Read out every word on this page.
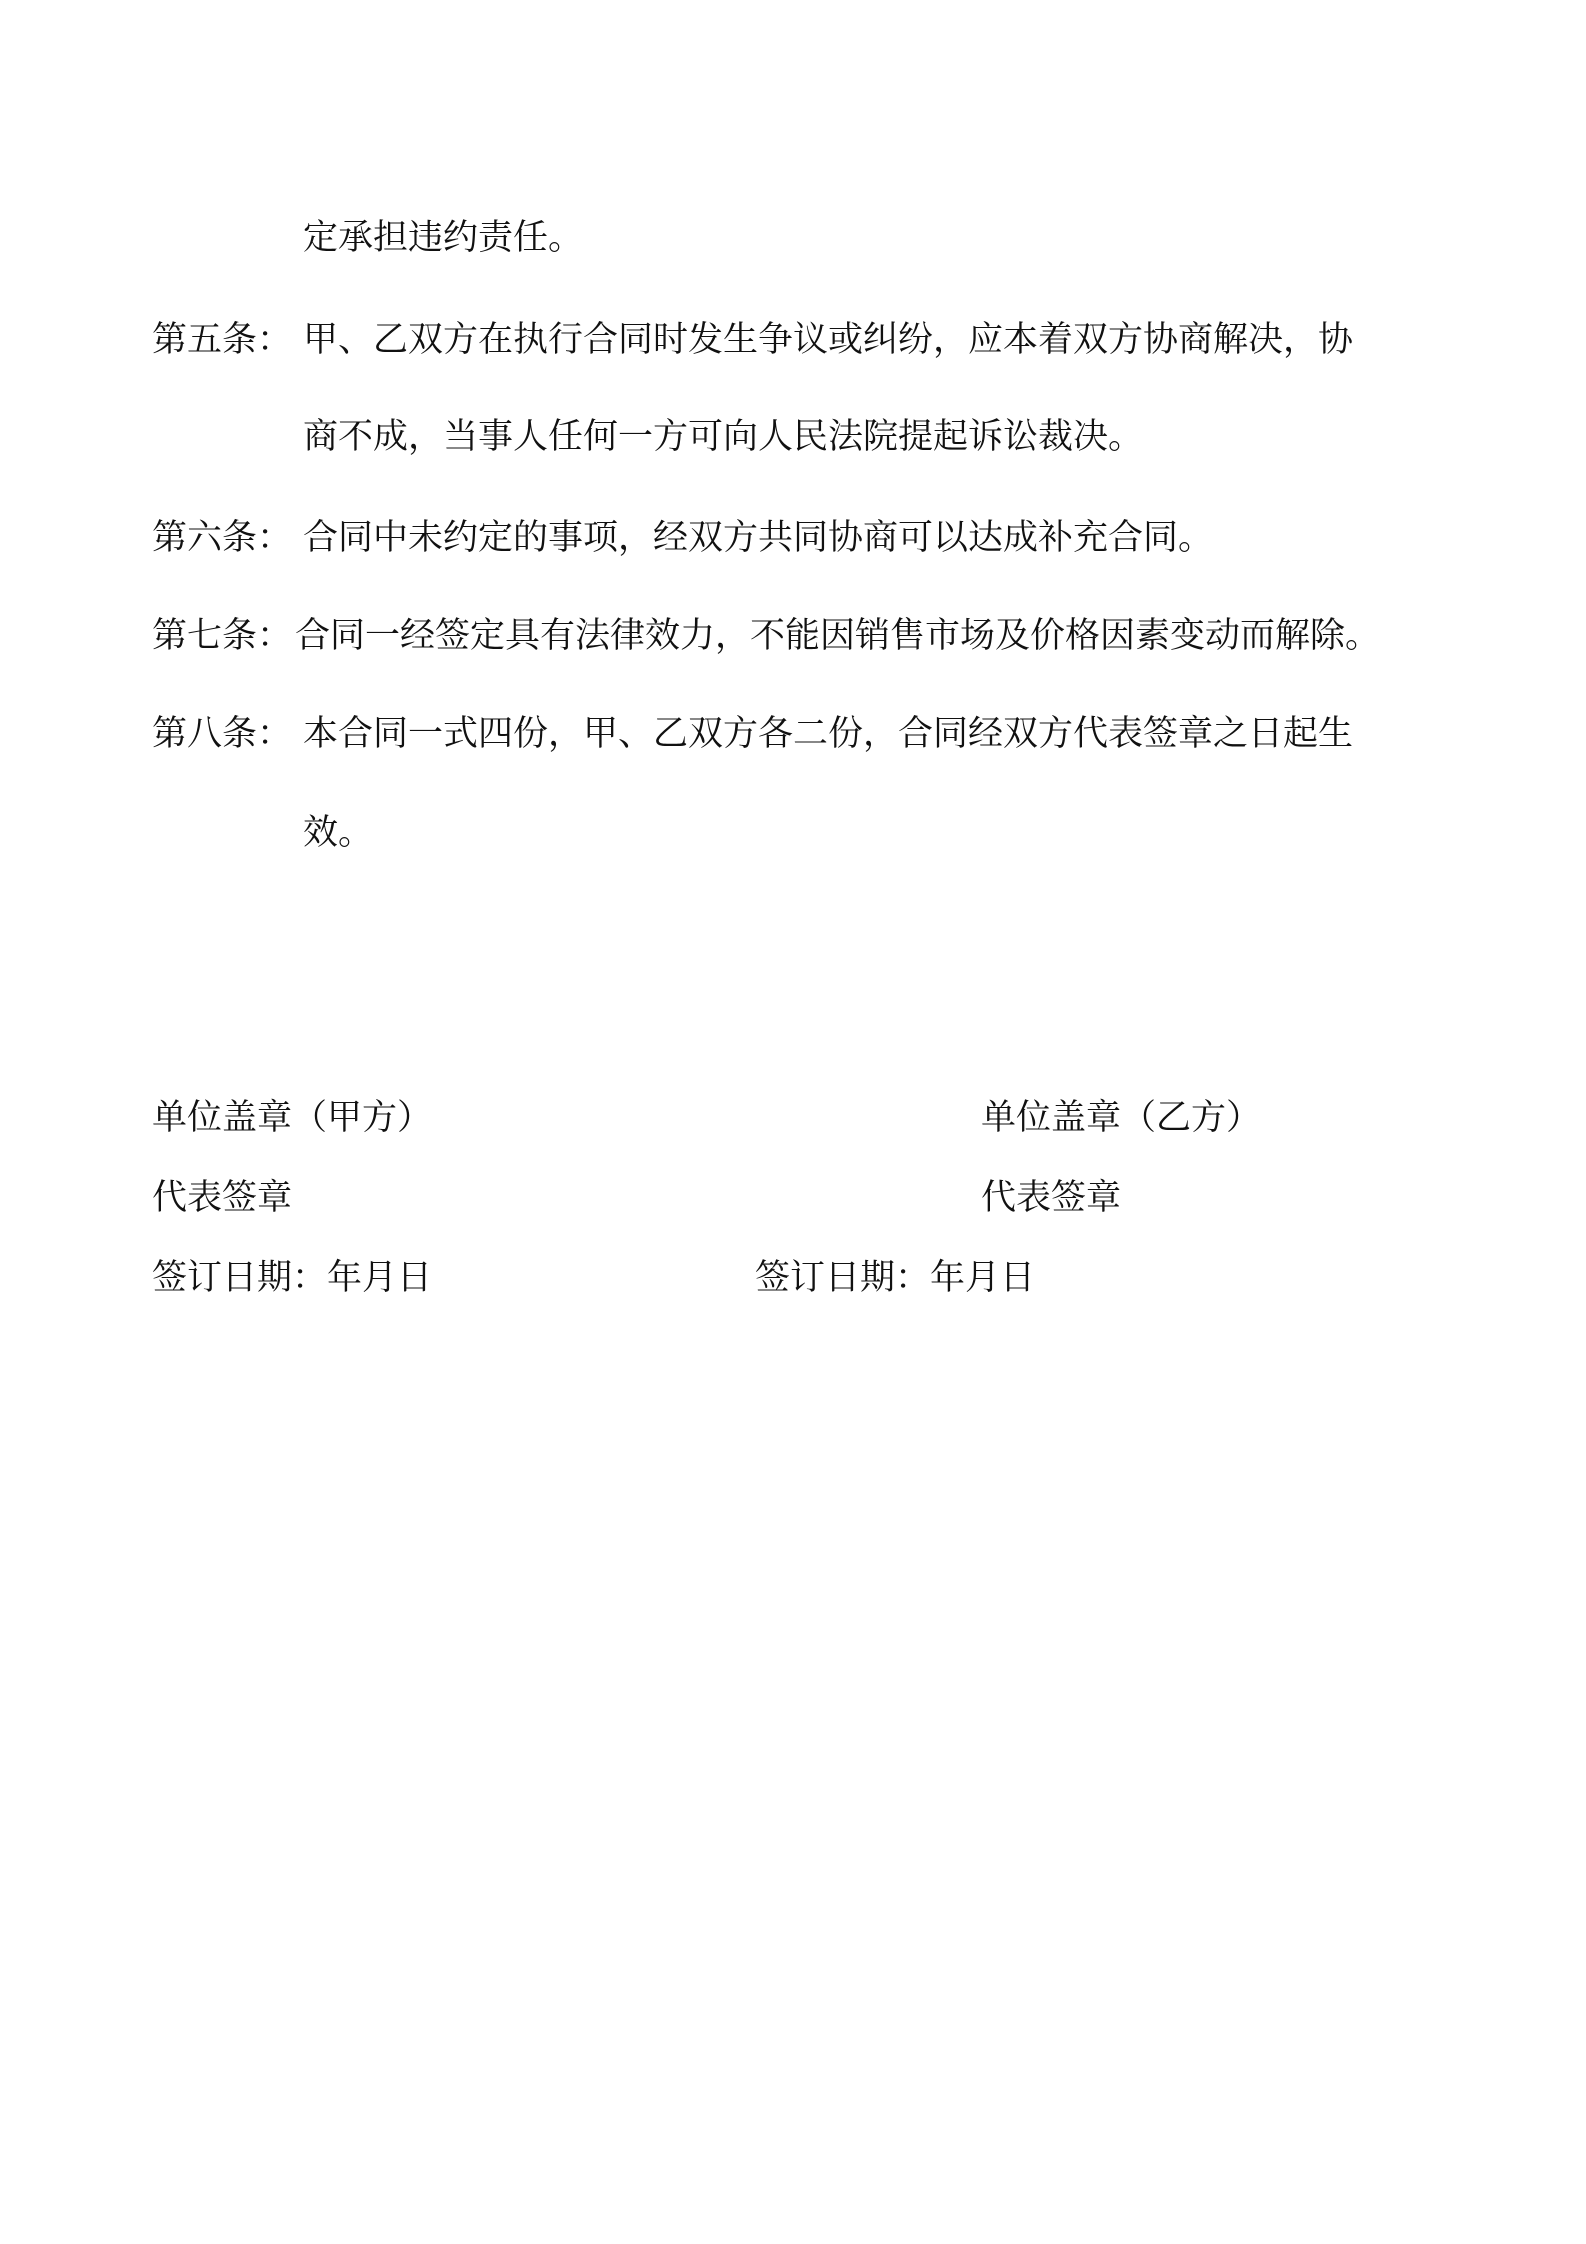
定承担违约责任。
第五条： 甲、乙双方在执行合同时发生争议或纠纷，应本着双方协商解决，协
商不成，当事人任何一方可向人民法院提起诉讼裁决。
第六条： 合同中未约定的事项，经双方共同协商可以达成补充合同。
第七条： 合同一经签定具有法律效力，不能因销售市场及价格因素变动而解除。
第八条： 本合同一式四份，甲、乙双方各二份，合同经双方代表签章之日起生
效。
单位盖章（甲方）
代表签章
签订日期：年月日
单位盖章（乙方）
代表签章
签订日期：年月日
